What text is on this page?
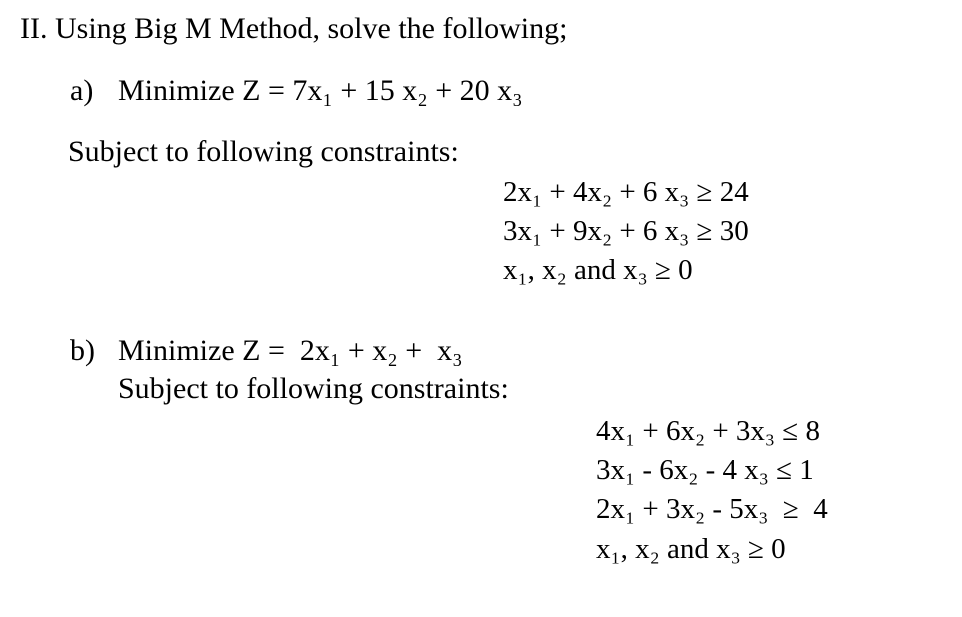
II. Using Big M Method, solve the following;
a) Minimize Z = 7x₁ + 15 x₂ + 20 x₃
Subject to following constraints:
2x₁ + 4x₂ + 6 x₃ ≥ 24
3x₁ + 9x₂ + 6 x₃ ≥ 30
x₁, x₂ and x₃ ≥ 0
b) Minimize Z =  2x₁ + x₂ +  x₃
Subject to following constraints:
4x₁ + 6x₂ + 3x₃ ≤ 8
3x₁ - 6x₂ - 4 x₃ ≤ 1
2x₁ + 3x₂ - 5x₃  ≥  4
x₁, x₂ and x₃ ≥ 0
